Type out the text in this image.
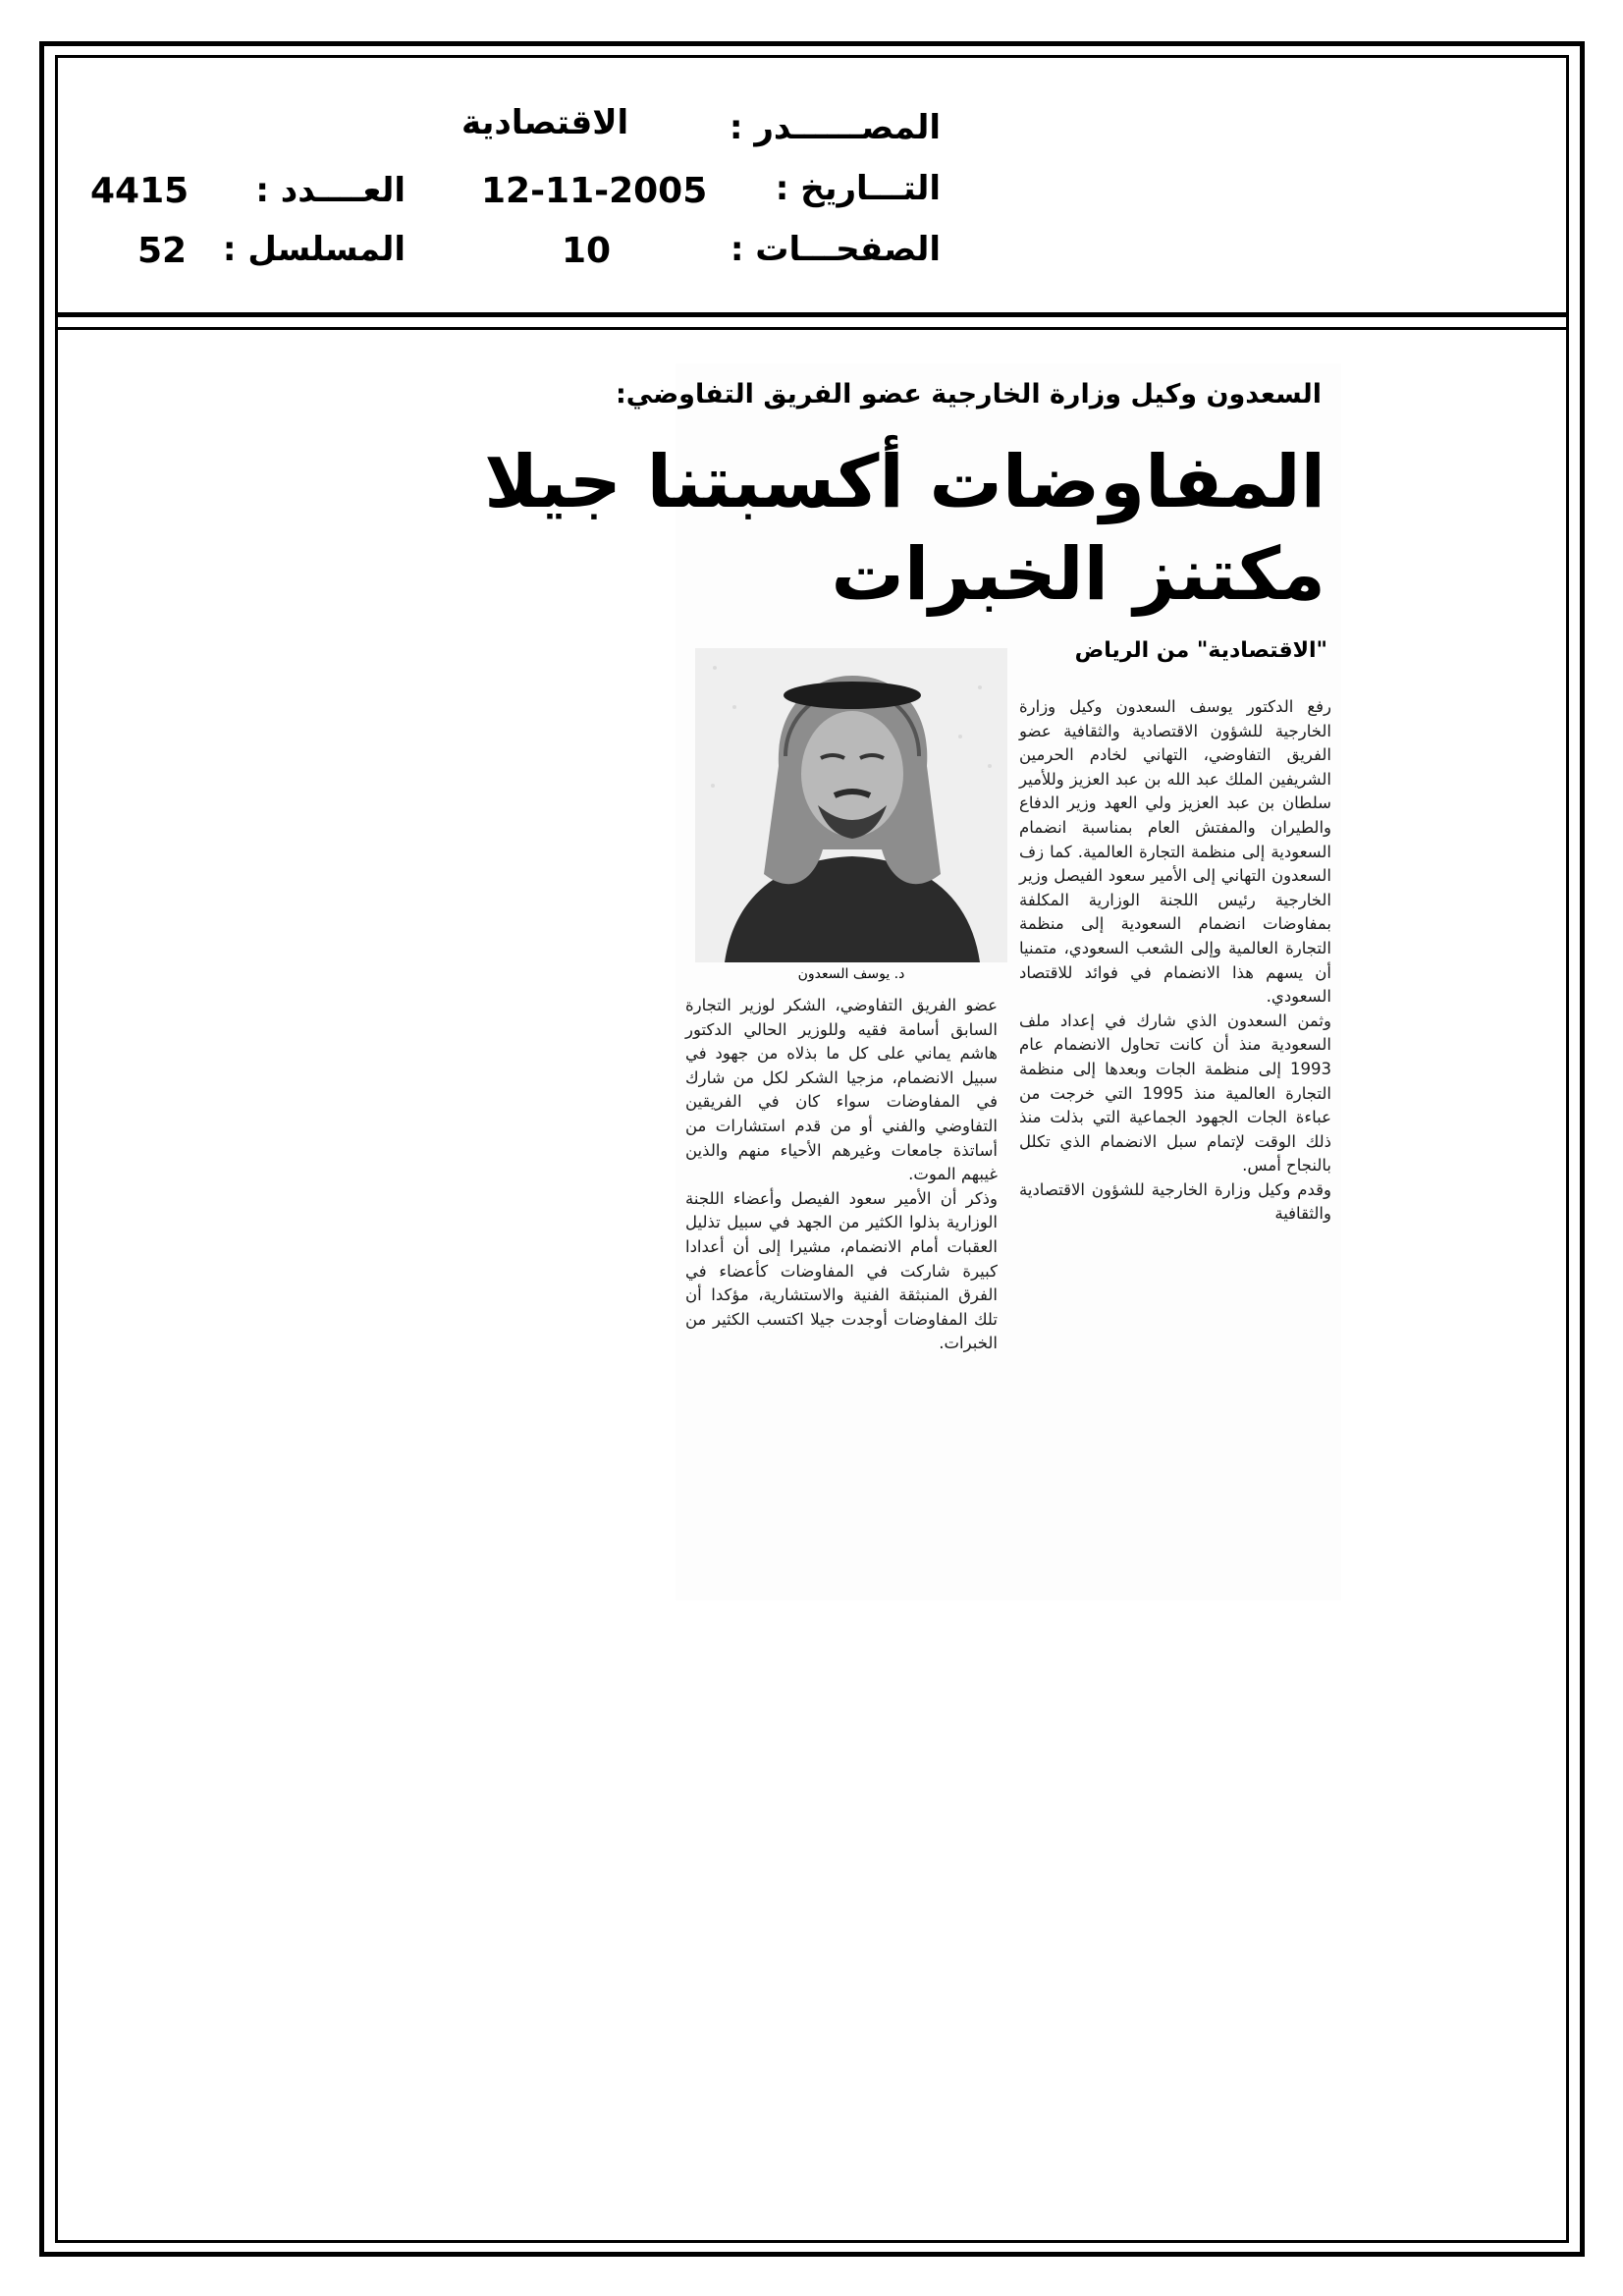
المصــــــدر :
الاقتصادية
التـــاريخ :
12-11-2005
العــــدد :
4415
الصفحـــات :
10
المسلسل :
52
السعدون وكيل وزارة الخارجية عضو الفريق التفاوضي:
المفاوضات أكسبتنا جيلا
مكتنز الخبرات
"الاقتصادية" من الرياض
د. يوسف السعدون

رفع الدكتور يوسف السعدون وكيل وزارة الخارجية للشؤون الاقتصادية والثقافية عضو الفريق التفاوضي، التهاني لخادم الحرمين الشريفين الملك عبد الله بن عبد العزيز وللأمير سلطان بن عبد العزيز ولي العهد وزير الدفاع والطيران والمفتش العام بمناسبة انضمام السعودية إلى منظمة التجارة العالمية. كما زف السعدون التهاني إلى الأمير سعود الفيصل وزير الخارجية رئيس اللجنة الوزارية المكلفة بمفاوضات انضمام السعودية إلى منظمة التجارة العالمية وإلى الشعب السعودي، متمنيا أن يسهم هذا الانضمام في فوائد للاقتصاد السعودي.

وثمن السعدون الذي شارك في إعداد ملف السعودية منذ أن كانت تحاول الانضمام عام 1993 إلى منظمة الجات وبعدها إلى منظمة التجارة العالمية منذ 1995 التي خرجت من عباءة الجات الجهود الجماعية التي بذلت منذ ذلك الوقت لإتمام سبل الانضمام الذي تكلل بالنجاح أمس.

وقدم وكيل وزارة الخارجية للشؤون الاقتصادية والثقافية

عضو الفريق التفاوضي، الشكر لوزير التجارة السابق أسامة فقيه وللوزير الحالي الدكتور هاشم يماني على كل ما بذلاه من جهود في سبيل الانضمام، مزجيا الشكر لكل من شارك في المفاوضات سواء كان في الفريقين التفاوضي والفني أو من قدم استشارات من أساتذة جامعات وغيرهم الأحياء منهم والذين غيبهم الموت.

وذكر أن الأمير سعود الفيصل وأعضاء اللجنة الوزارية بذلوا الكثير من الجهد في سبيل تذليل العقبات أمام الانضمام، مشيرا إلى أن أعدادا كبيرة شاركت في المفاوضات كأعضاء في الفرق المنبثقة الفنية والاستشارية، مؤكدا أن تلك المفاوضات أوجدت جيلا اكتسب الكثير من الخبرات.
